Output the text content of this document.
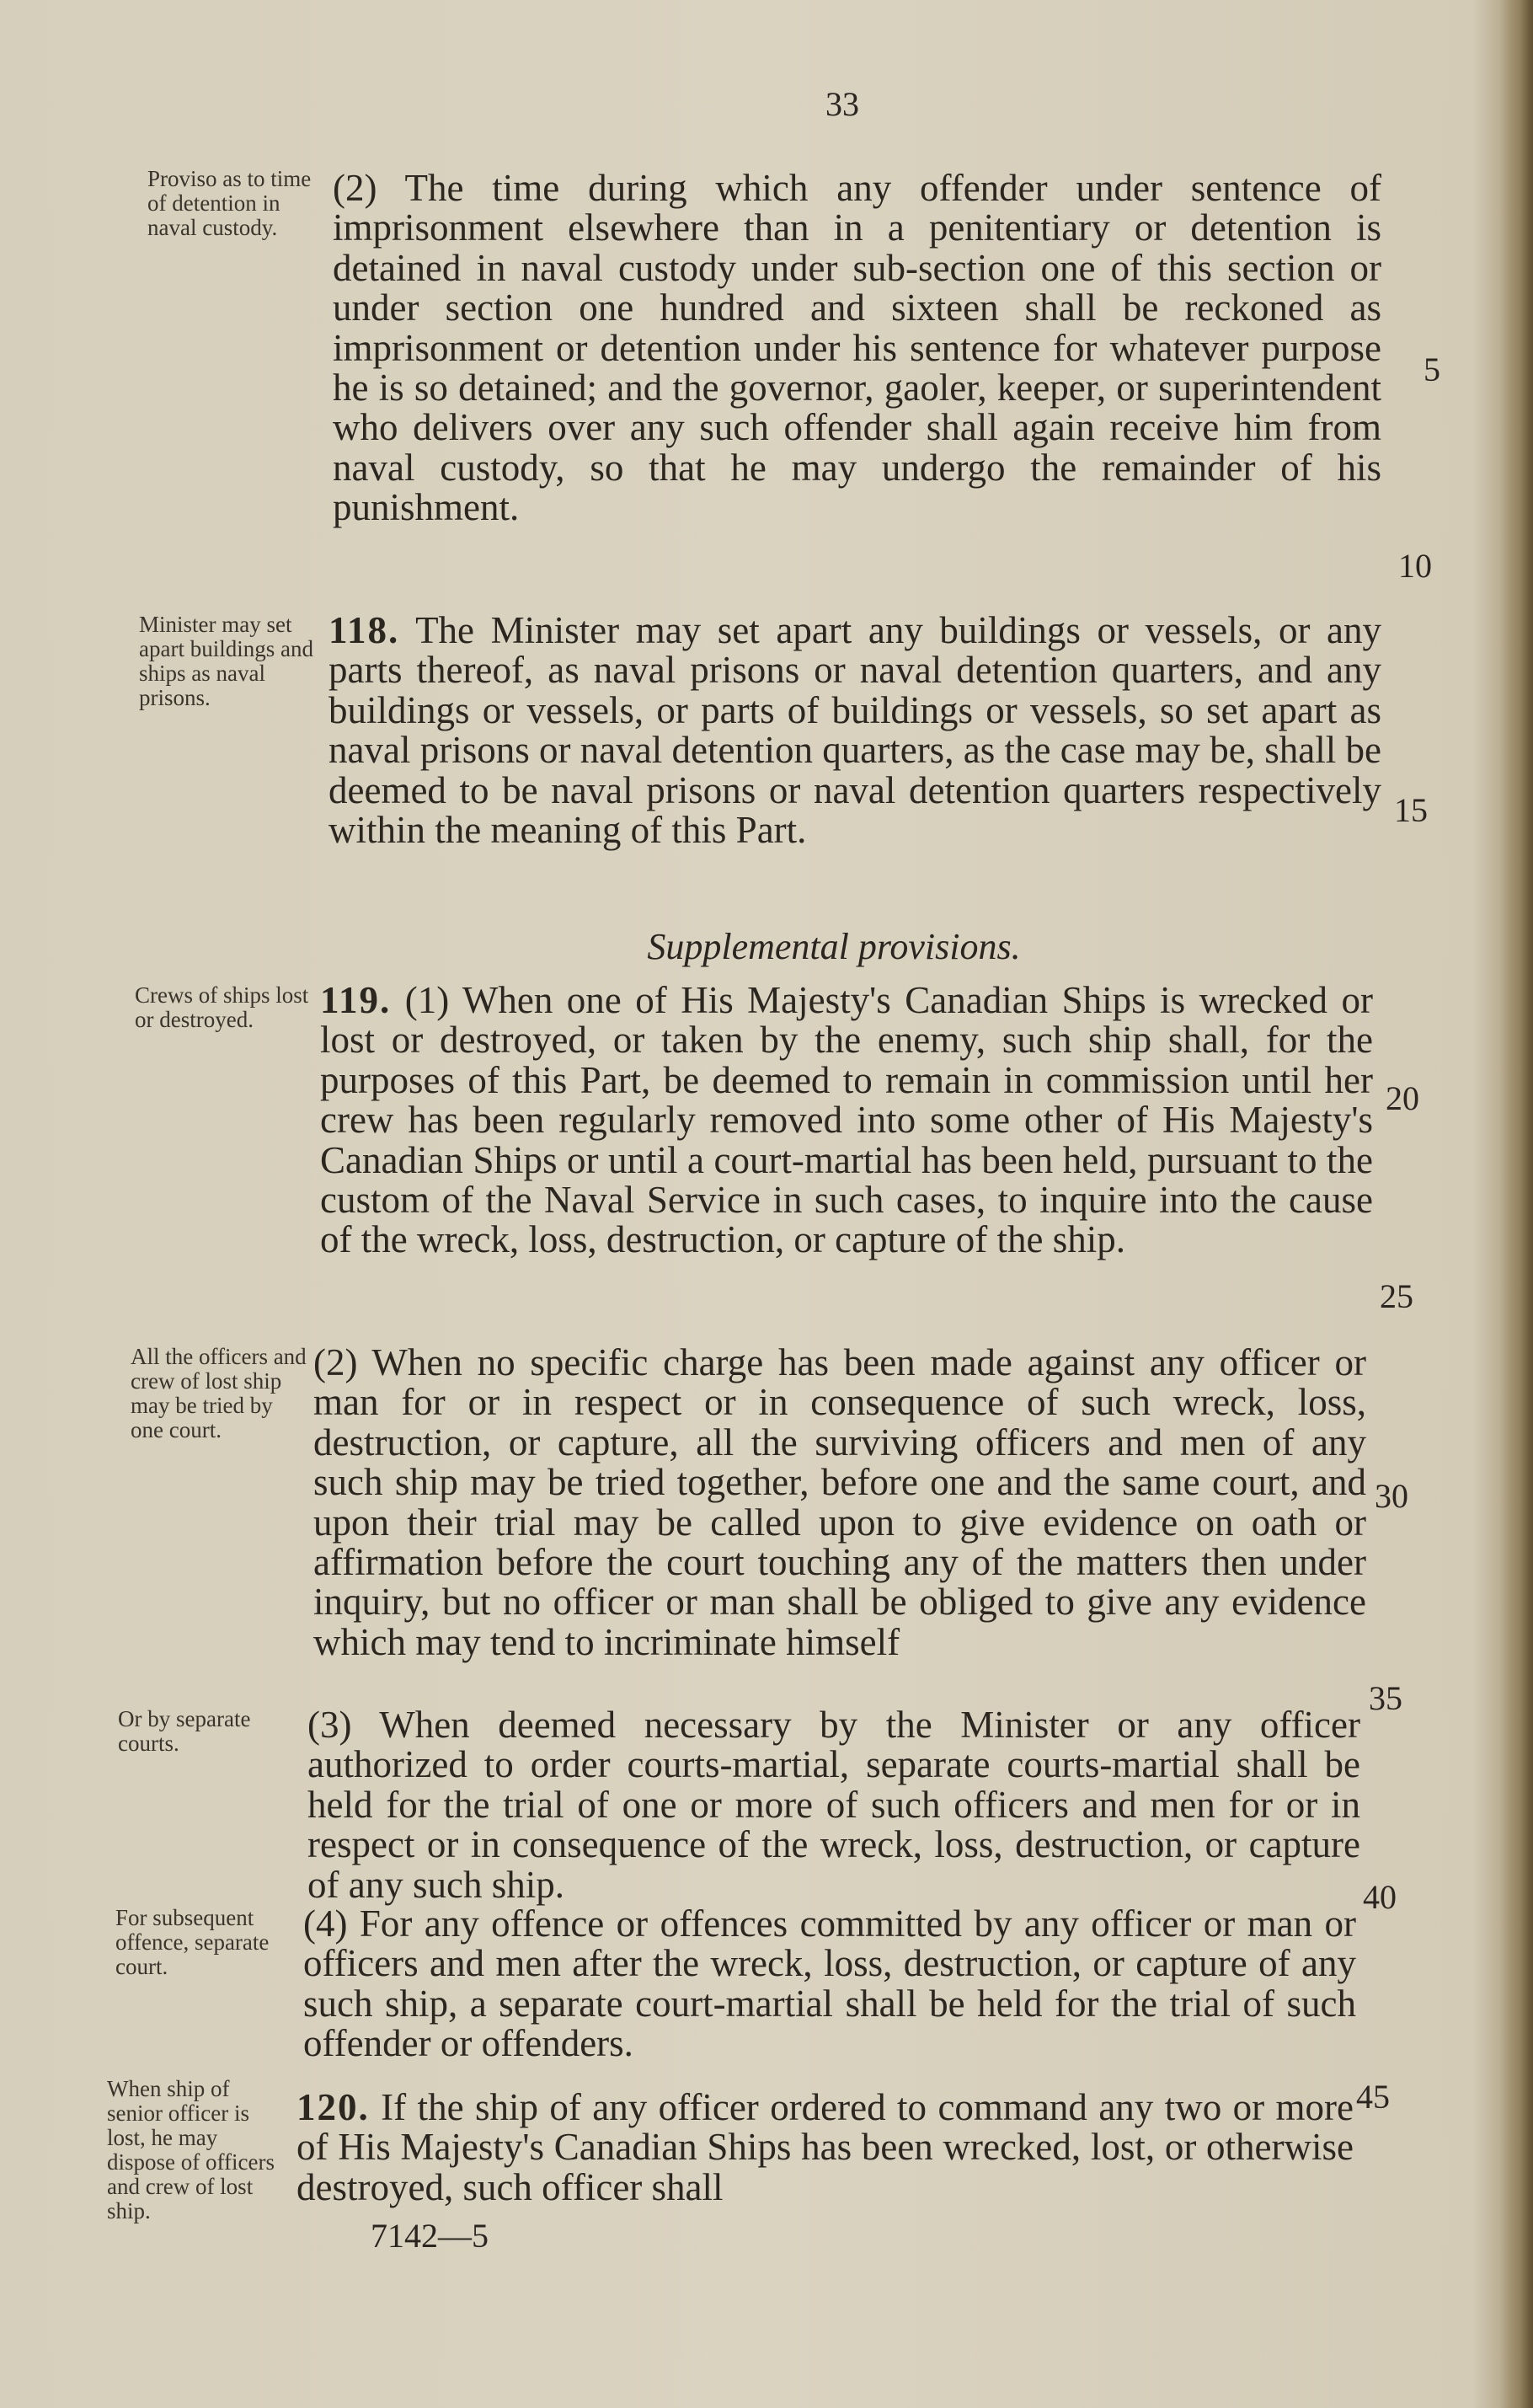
33
Proviso as to time of detention in naval custody.
Minister may set apart buildings and ships as naval prisons.
Crews of ships lost or destroyed.
All the officers and crew of lost ship may be tried by one court.
Or by separate courts.
For subsequent offence, separate court.
When ship of senior officer is lost, he may dispose of officers and crew of lost ship.

(2) The time during which any offender under sentence of imprisonment elsewhere than in a penitentiary or detention is detained in naval custody under sub-section one of this section or under section one hundred and sixteen shall be reckoned as imprisonment or detention under his sentence for whatever purpose he is so detained; and the governor, gaoler, keeper, or superintendent who delivers over any such offender shall again receive him from naval custody, so that he may undergo the remainder of his punishment.

118. The Minister may set apart any buildings or vessels, or any parts thereof, as naval prisons or naval detention quarters, and any buildings or vessels, or parts of buildings or vessels, so set apart as naval prisons or naval detention quarters, as the case may be, shall be deemed to be naval prisons or naval detention quarters respectively within the meaning of this Part.

Supplemental provisions.

119. (1) When one of His Majesty's Canadian Ships is wrecked or lost or destroyed, or taken by the enemy, such ship shall, for the purposes of this Part, be deemed to remain in commission until her crew has been regularly removed into some other of His Majesty's Canadian Ships or until a court-martial has been held, pursuant to the custom of the Naval Service in such cases, to inquire into the cause of the wreck, loss, destruction, or capture of the ship.

(2) When no specific charge has been made against any officer or man for or in respect or in consequence of such wreck, loss, destruction, or capture, all the surviving officers and men of any such ship may be tried together, before one and the same court, and upon their trial may be called upon to give evidence on oath or affirmation before the court touching any of the matters then under inquiry, but no officer or man shall be obliged to give any evidence which may tend to incriminate himself

(3) When deemed necessary by the Minister or any officer authorized to order courts-martial, separate courts-martial shall be held for the trial of one or more of such officers and men for or in respect or in consequence of the wreck, loss, destruction, or capture of any such ship.

(4) For any offence or offences committed by any officer or man or officers and men after the wreck, loss, destruction, or capture of any such ship, a separate court-martial shall be held for the trial of such offender or offenders.

120. If the ship of any officer ordered to command any two or more of His Majesty's Canadian Ships has been wrecked, lost, or otherwise destroyed, such officer shall

5
10
15
20
25
30
35
40
45
7142—5
